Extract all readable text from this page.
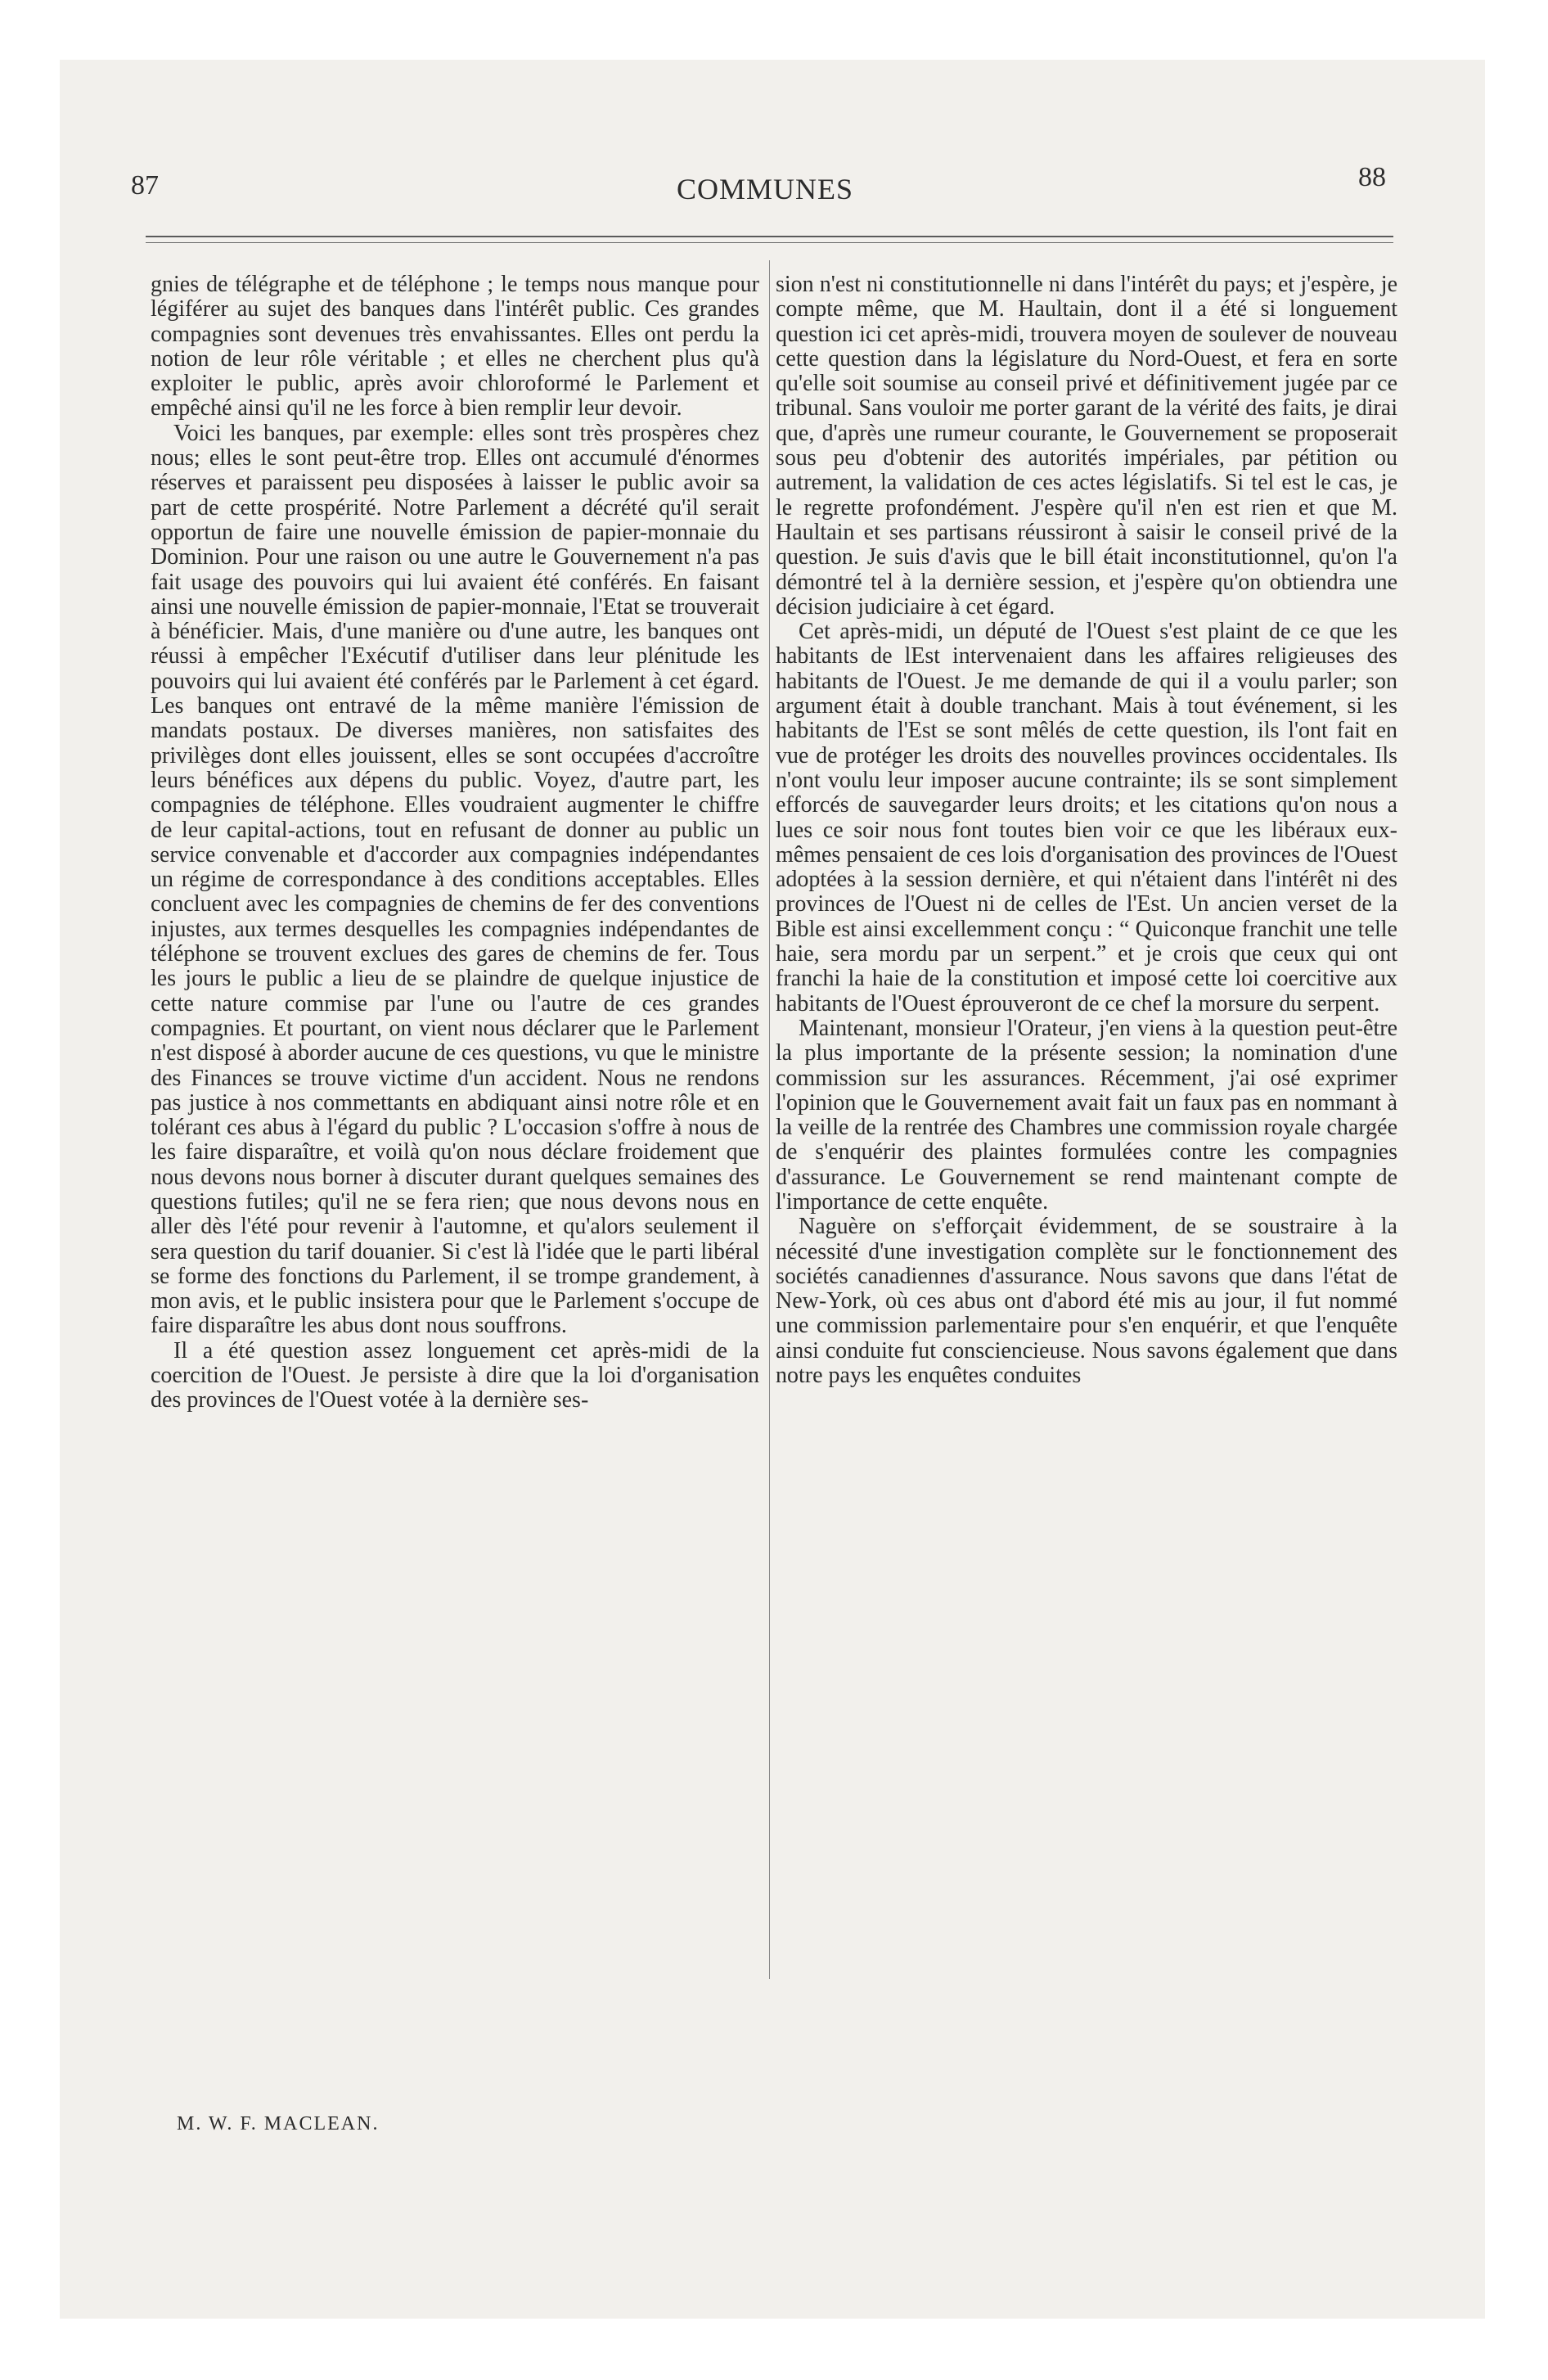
87	COMMUNES	88

gnies de télégraphe et de téléphone ; le temps nous manque pour légiférer au sujet des banques dans l'intérêt public. Ces grandes compagnies sont devenues très envahissantes. Elles ont perdu la notion de leur rôle véritable ; et elles ne cherchent plus qu'à exploiter le public, après avoir chloroformé le Parlement et empêché ainsi qu'il ne les force à bien remplir leur devoir.

Voici les banques, par exemple: elles sont très prospères chez nous; elles le sont peut-être trop. Elles ont accumulé d'énormes réserves et paraissent peu disposées à laisser le public avoir sa part de cette prospérité. Notre Parlement a décrété qu'il serait opportun de faire une nouvelle émission de papier-monnaie du Dominion. Pour une raison ou une autre le Gouvernement n'a pas fait usage des pouvoirs qui lui avaient été conférés. En faisant ainsi une nouvelle émission de papier-monnaie, l'Etat se trouverait à bénéficier. Mais, d'une manière ou d'une autre, les banques ont réussi à empêcher l'Exécutif d'utiliser dans leur plénitude les pouvoirs qui lui avaient été conférés par le Parlement à cet égard. Les banques ont entravé de la même manière l'émission de mandats postaux. De diverses manières, non satisfaites des privilèges dont elles jouissent, elles se sont occupées d'accroître leurs bénéfices aux dépens du public. Voyez, d'autre part, les compagnies de téléphone. Elles voudraient augmenter le chiffre de leur capital-actions, tout en refusant de donner au public un service convenable et d'accorder aux compagnies indépendantes un régime de correspondance à des conditions acceptables. Elles concluent avec les compagnies de chemins de fer des conventions injustes, aux termes desquelles les compagnies indépendantes de téléphone se trouvent exclues des gares de chemins de fer. Tous les jours le public a lieu de se plaindre de quelque injustice de cette nature commise par l'une ou l'autre de ces grandes compagnies. Et pourtant, on vient nous déclarer que le Parlement n'est disposé à aborder aucune de ces questions, vu que le ministre des Finances se trouve victime d'un accident. Nous ne rendons pas justice à nos commettants en abdiquant ainsi notre rôle et en tolérant ces abus à l'égard du public ? L'occasion s'offre à nous de les faire disparaître, et voilà qu'on nous déclare froidement que nous devons nous borner à discuter durant quelques semaines des questions futiles; qu'il ne se fera rien; que nous devons nous en aller dès l'été pour revenir à l'automne, et qu'alors seulement il sera question du tarif douanier. Si c'est là l'idée que le parti libéral se forme des fonctions du Parlement, il se trompe grandement, à mon avis, et le public insistera pour que le Parlement s'occupe de faire disparaître les abus dont nous souffrons.

Il a été question assez longuement cet après-midi de la coercition de l'Ouest. Je persiste à dire que la loi d'organisation des provinces de l'Ouest votée à la dernière ses-

sion n'est ni constitutionnelle ni dans l'intérêt du pays; et j'espère, je compte même, que M. Haultain, dont il a été si longuement question ici cet après-midi, trouvera moyen de soulever de nouveau cette question dans la législature du Nord-Ouest, et fera en sorte qu'elle soit soumise au conseil privé et définitivement jugée par ce tribunal. Sans vouloir me porter garant de la vérité des faits, je dirai que, d'après une rumeur courante, le Gouvernement se proposerait sous peu d'obtenir des autorités impériales, par pétition ou autrement, la validation de ces actes législatifs. Si tel est le cas, je le regrette profondément. J'espère qu'il n'en est rien et que M. Haultain et ses partisans réussiront à saisir le conseil privé de la question. Je suis d'avis que le bill était inconstitutionnel, qu'on l'a démontré tel à la dernière session, et j'espère qu'on obtiendra une décision judiciaire à cet égard.

Cet après-midi, un député de l'Ouest s'est plaint de ce que les habitants de lEst intervenaient dans les affaires religieuses des habitants de l'Ouest. Je me demande de qui il a voulu parler; son argument était à double tranchant. Mais à tout événement, si les habitants de l'Est se sont mêlés de cette question, ils l'ont fait en vue de protéger les droits des nouvelles provinces occidentales. Ils n'ont voulu leur imposer aucune contrainte; ils se sont simplement efforcés de sauvegarder leurs droits; et les citations qu'on nous a lues ce soir nous font toutes bien voir ce que les libéraux eux-mêmes pensaient de ces lois d'organisation des provinces de l'Ouest adoptées à la session dernière, et qui n'étaient dans l'intérêt ni des provinces de l'Ouest ni de celles de l'Est. Un ancien verset de la Bible est ainsi excellemment conçu : “ Quiconque franchit une telle haie, sera mordu par un serpent.” et je crois que ceux qui ont franchi la haie de la constitution et imposé cette loi coercitive aux habitants de l'Ouest éprouveront de ce chef la morsure du serpent.

Maintenant, monsieur l'Orateur, j'en viens à la question peut-être la plus importante de la présente session; la nomination d'une commission sur les assurances. Récemment, j'ai osé exprimer l'opinion que le Gouvernement avait fait un faux pas en nommant à la veille de la rentrée des Chambres une commission royale chargée de s'enquérir des plaintes formulées contre les compagnies d'assurance. Le Gouvernement se rend maintenant compte de l'importance de cette enquête.

Naguère on s'efforçait évidemment, de se soustraire à la nécessité d'une investigation complète sur le fonctionnement des sociétés canadiennes d'assurance. Nous savons que dans l'état de New-York, où ces abus ont d'abord été mis au jour, il fut nommé une commission parlementaire pour s'en enquérir, et que l'enquête ainsi conduite fut consciencieuse. Nous savons également que dans notre pays les enquêtes conduites

M. W. F. MACLEAN.
